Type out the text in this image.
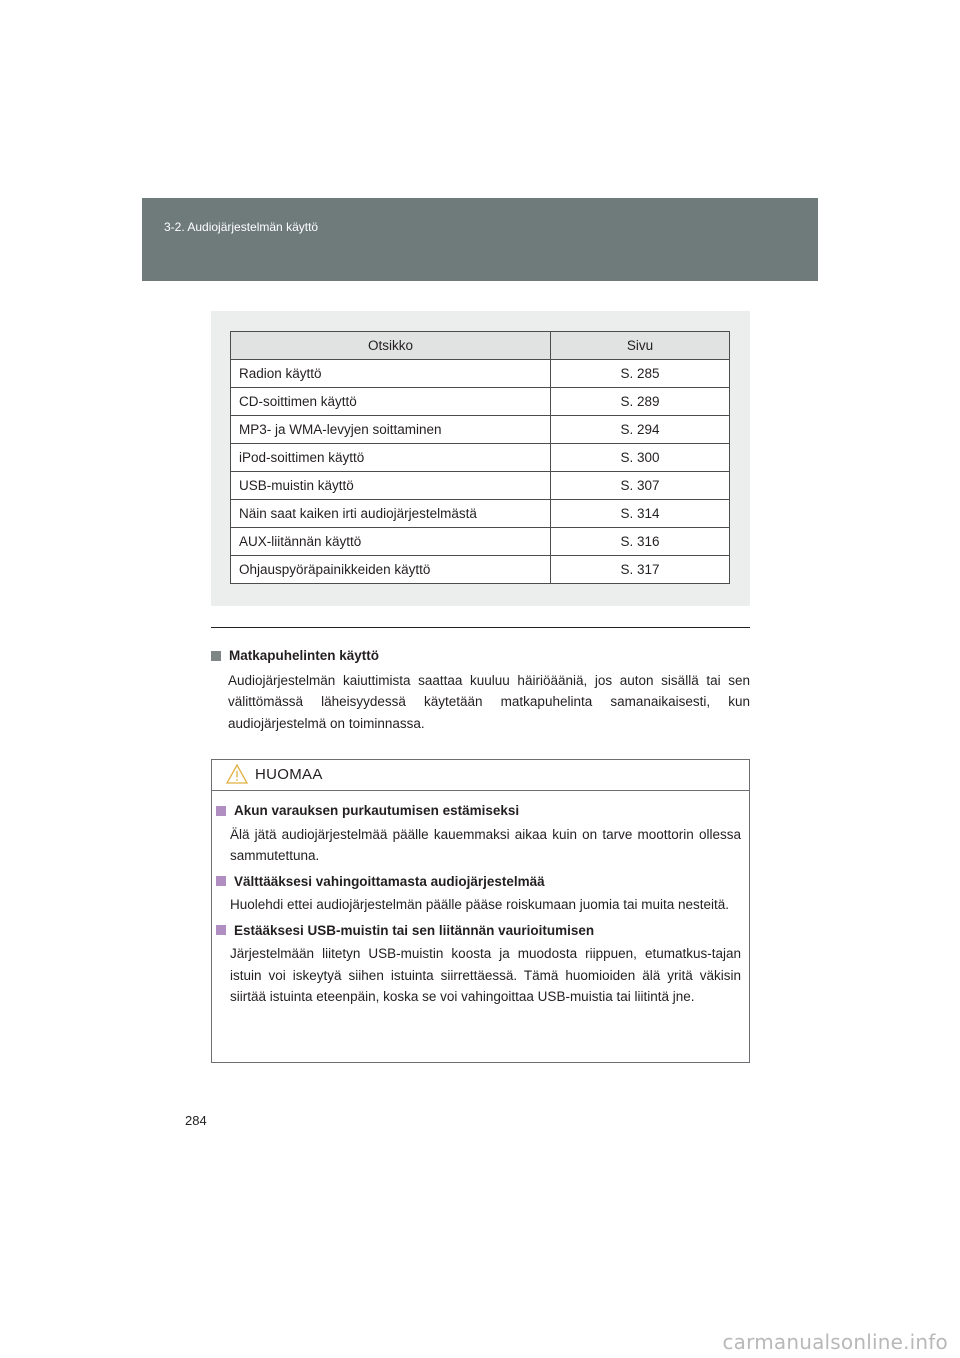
3-2. Audiojärjestelmän käyttö
Otsikko	Sivu
Radion käyttö	S. 285
CD-soittimen käyttö	S. 289
MP3- ja WMA-levyjen soittaminen	S. 294
iPod-soittimen käyttö	S. 300
USB-muistin käyttö	S. 307
Näin saat kaiken irti audiojärjestelmästä	S. 314
AUX-liitännän käyttö	S. 316
Ohjauspyöräpainikkeiden käyttö	S. 317
Matkapuhelinten käyttö
Audiojärjestelmän kaiuttimista saattaa kuuluu häiriöääniä, jos auton sisällä tai sen välittömässä läheisyydessä käytetään matkapuhelinta samanaikaisesti, kun audiojärjestelmä on toiminnassa.
HUOMAA
Akun varauksen purkautumisen estämiseksi
Älä jätä audiojärjestelmää päälle kauemmaksi aikaa kuin on tarve moottorin ollessa sammutettuna.
Välttääksesi vahingoittamasta audiojärjestelmää
Huolehdi ettei audiojärjestelmän päälle pääse roiskumaan juomia tai muita nesteitä.
Estääksesi USB-muistin tai sen liitännän vaurioitumisen
Järjestelmään liitetyn USB-muistin koosta ja muodosta riippuen, etumatkus-tajan istuin voi iskeytyä siihen istuinta siirrettäessä. Tämä huomioiden älä yritä väkisin siirtää istuinta eteenpäin, koska se voi vahingoittaa USB-muistia tai liitintä jne.
284
carmanualsonline.info
